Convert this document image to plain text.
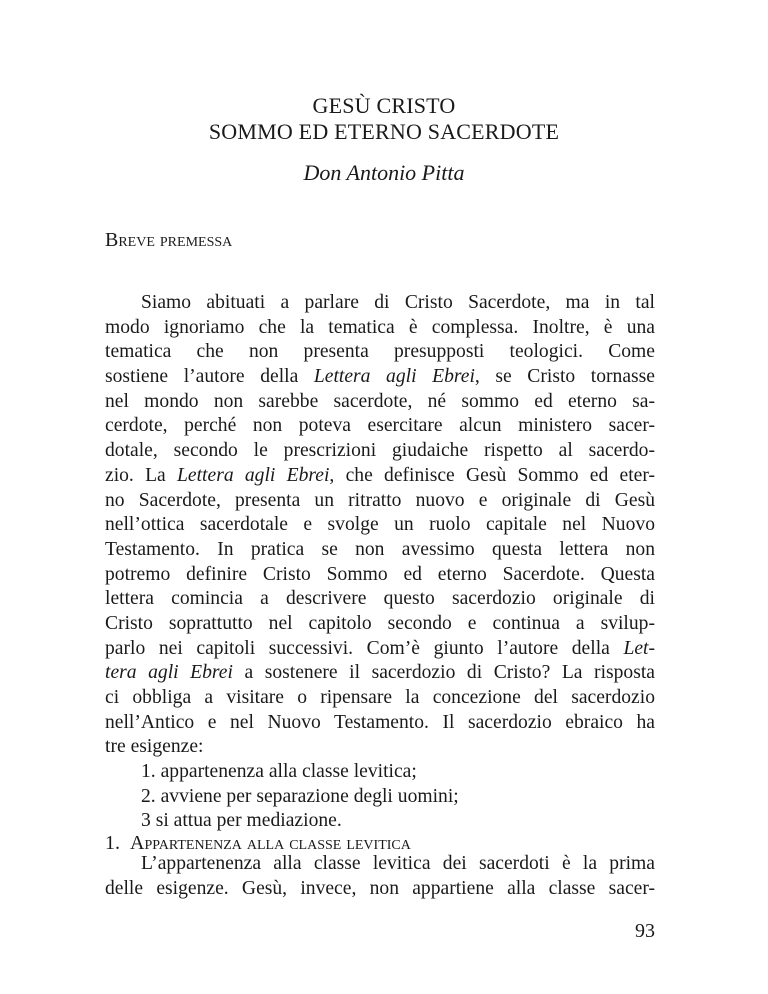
GESÙ CRISTO
SOMMO ED ETERNO SACERDOTE
Don Antonio Pitta
Breve premessa
Siamo abituati a parlare di Cristo Sacerdote, ma in tal
modo ignoriamo che la tematica è complessa. Inoltre, è una
tematica che non presenta presupposti teologici. Come
sostiene l’autore della Lettera agli Ebrei, se Cristo tornasse
nel mondo non sarebbe sacerdote, né sommo ed eterno sa-
cerdote, perché non poteva esercitare alcun ministero sacer-
dotale, secondo le prescrizioni giudaiche rispetto al sacerdo-
zio. La Lettera agli Ebrei, che definisce Gesù Sommo ed eter-
no Sacerdote, presenta un ritratto nuovo e originale di Gesù
nell’ottica sacerdotale e svolge un ruolo capitale nel Nuovo
Testamento. In pratica se non avessimo questa lettera non
potremo definire Cristo Sommo ed eterno Sacerdote. Questa
lettera comincia a descrivere questo sacerdozio originale di
Cristo soprattutto nel capitolo secondo e continua a svilup-
parlo nei capitoli successivi. Com’è giunto l’autore della Let-
tera agli Ebrei a sostenere il sacerdozio di Cristo? La risposta
ci obbliga a visitare o ripensare la concezione del sacerdozio
nell’Antico e nel Nuovo Testamento. Il sacerdozio ebraico ha
tre esigenze:
1. appartenenza alla classe levitica;
2. avviene per separazione degli uomini;
3 si attua per mediazione.
1. Appartenenza alla classe levitica
L’appartenenza alla classe levitica dei sacerdoti è la prima
delle esigenze. Gesù, invece, non appartiene alla classe sacer-
93
